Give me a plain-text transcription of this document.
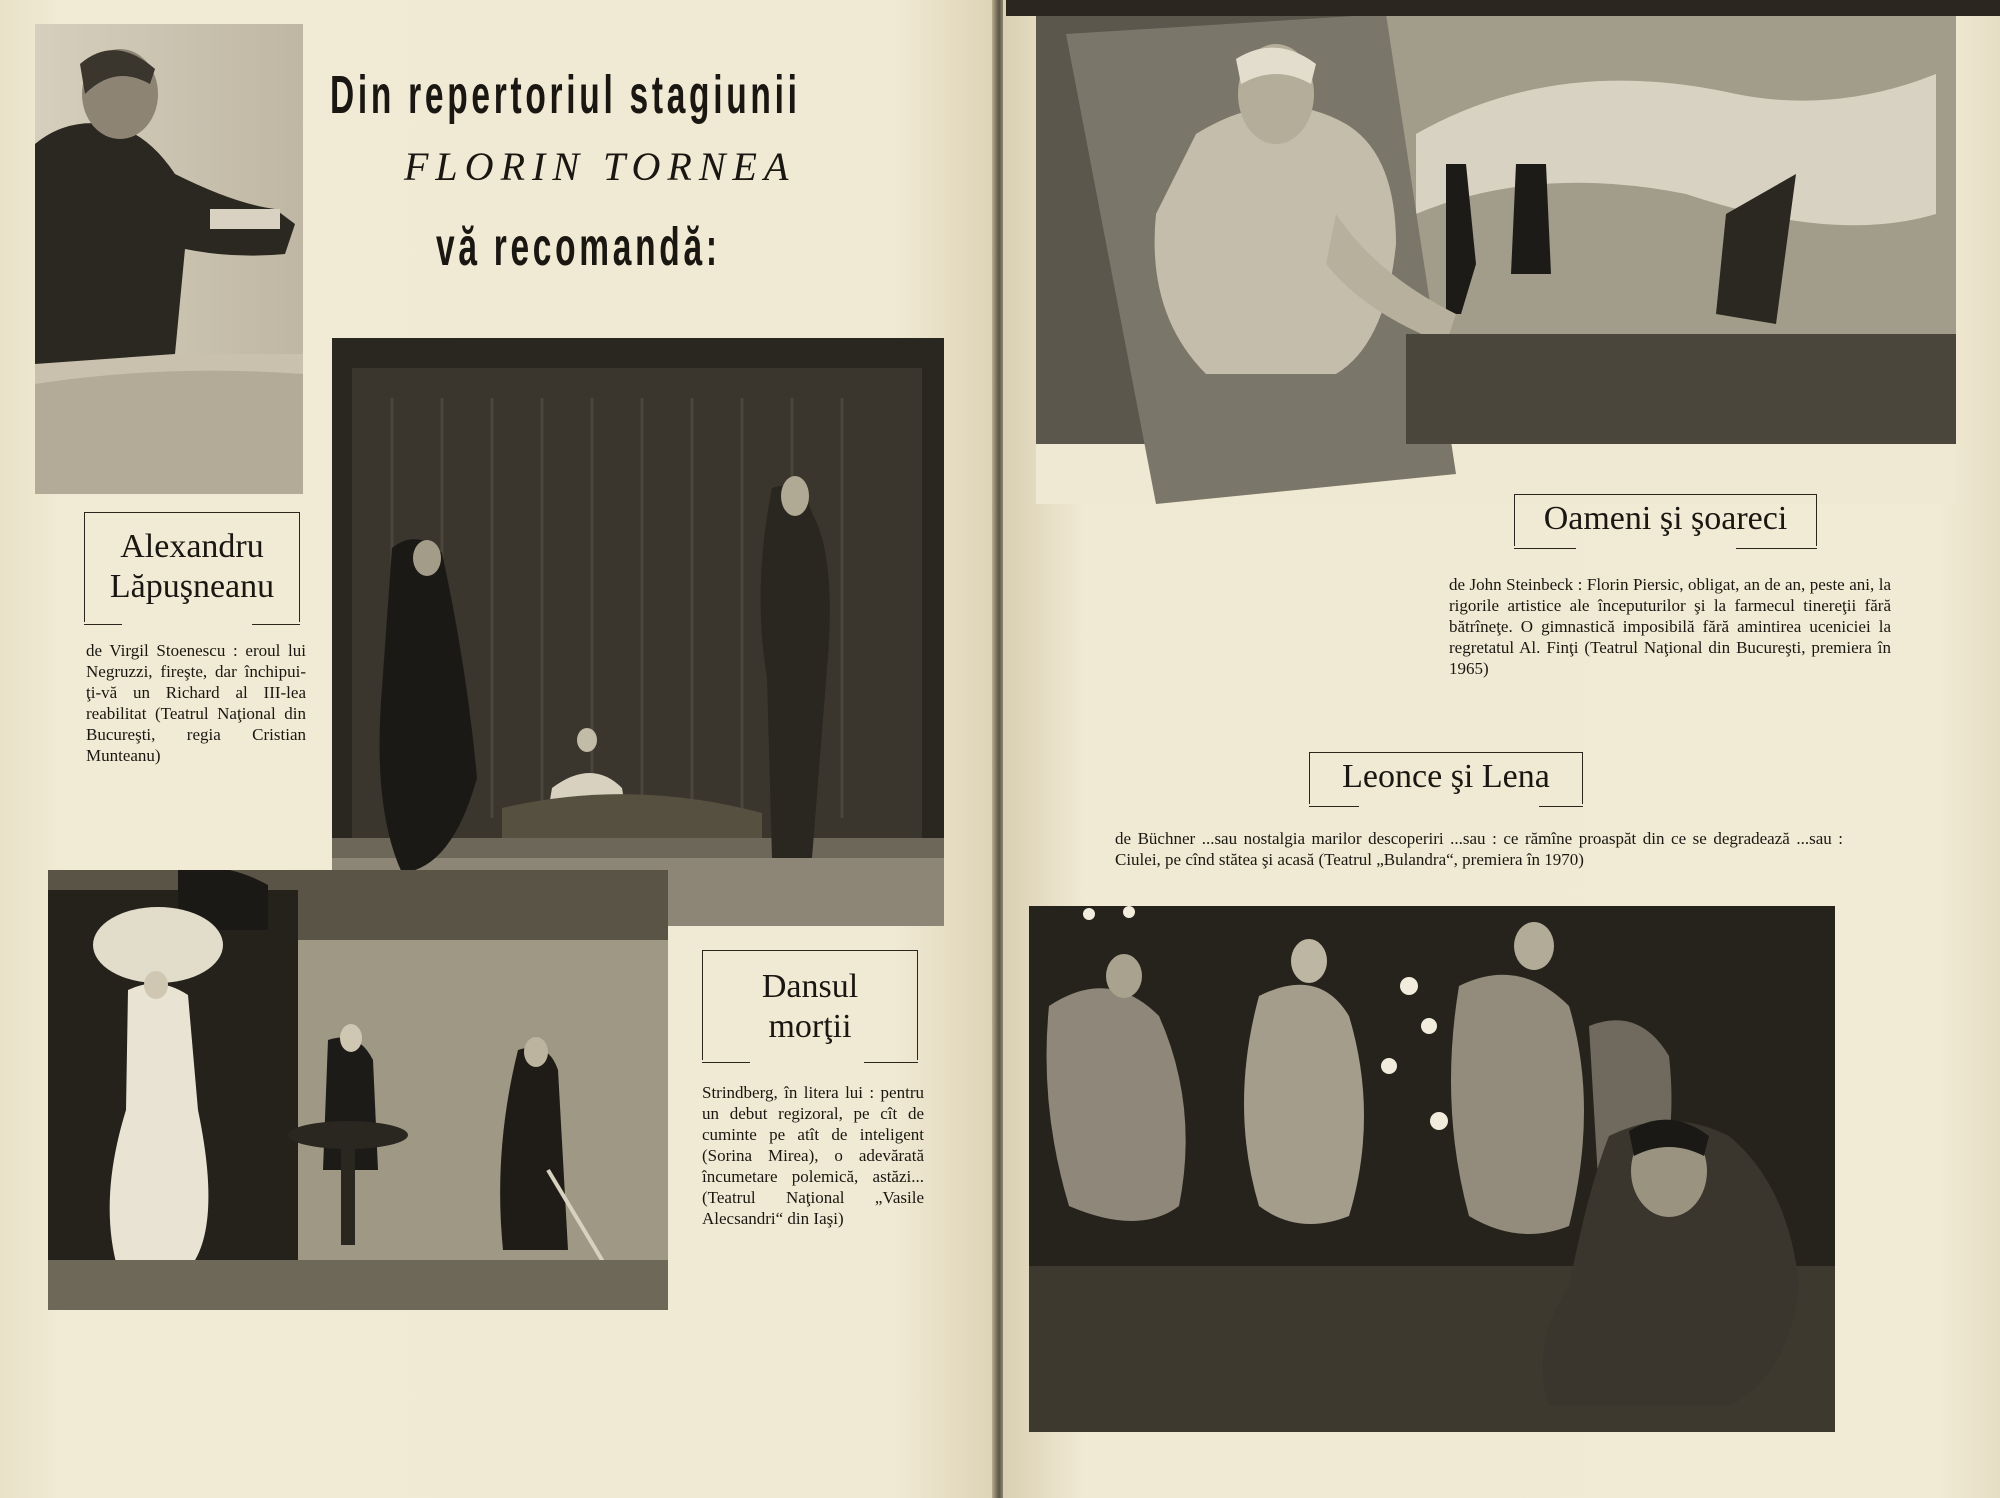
Din repertoriul stagiunii
FLORIN TORNEA
vă recomandă:
Alexandru
Lăpuşneanu
de Virgil Stoenescu : eroul lui Negruzzi, fireşte, dar închipui-ţi-vă un Richard al III-lea reabilitat (Teatrul Naţional din Bucureşti, regia Cristian Munteanu)
Dansul
morţii
Strindberg, în litera lui : pentru un debut regizoral, pe cît de cuminte pe atît de inteligent (Sorina Mirea), o adevărată încumetare polemică, astăzi... (Teatrul Naţional „Vasile Alecsandri“ din Iaşi)
Oameni şi şoareci
de John Steinbeck : Florin Piersic, obligat, an de an, peste ani, la rigorile artistice ale începuturilor şi la farmecul tinereţii fără bătrîneţe. O gimnastică imposibilă fără amintirea uceniciei la regretatul Al. Finţi (Teatrul Naţional din Bucureşti, premiera în 1965)
Leonce şi Lena
de Büchner ...sau nostalgia marilor descoperiri ...sau : ce rămîne proaspăt din ce se degradează ...sau : Ciulei, pe cînd stătea şi acasă (Teatrul „Bulandra“, premiera în 1970)
